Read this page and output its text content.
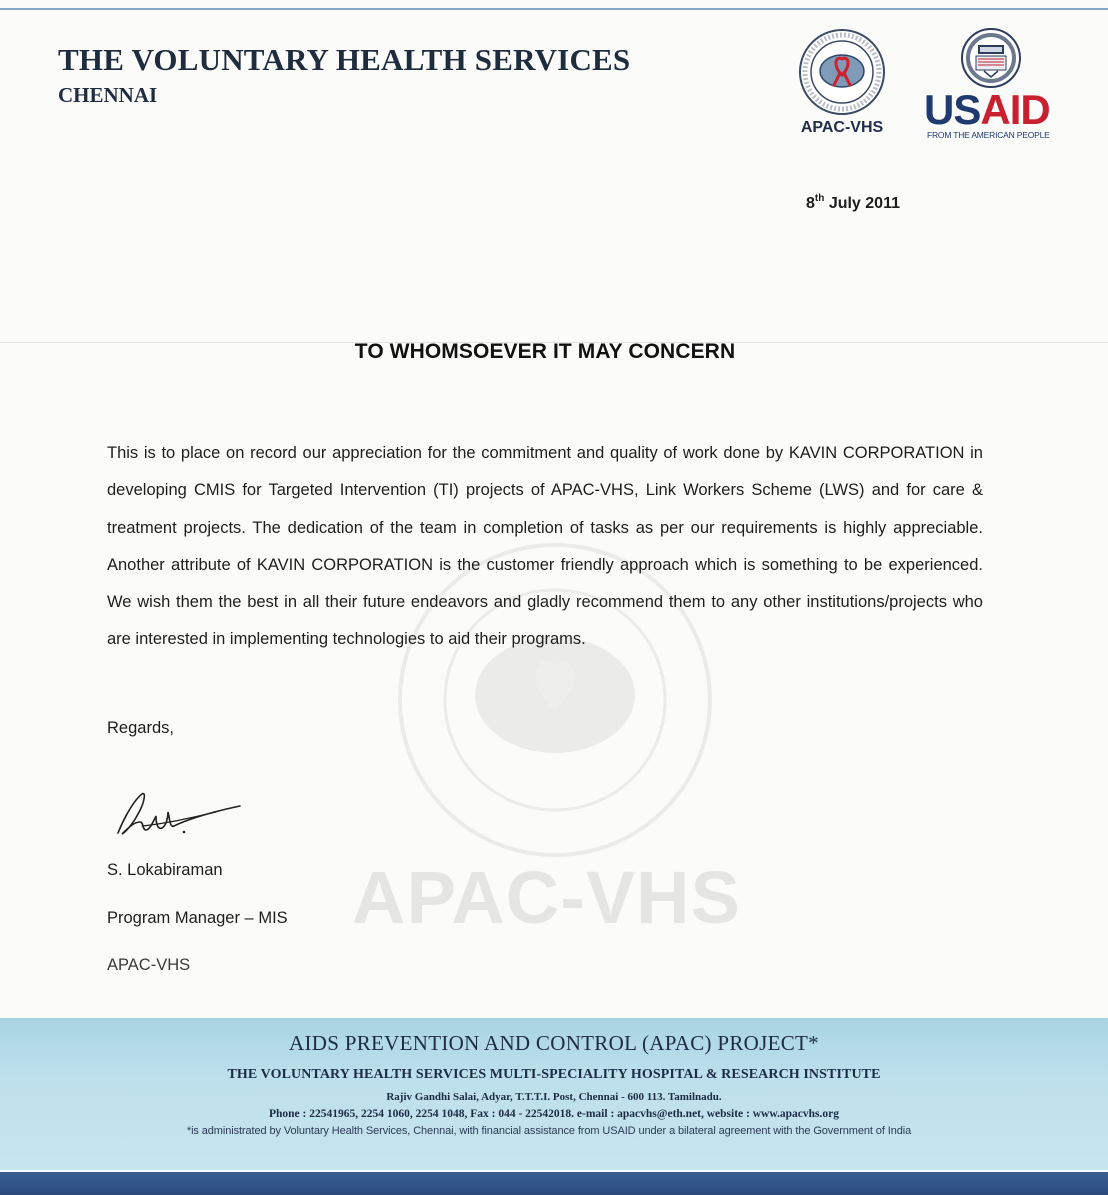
THE VOLUNTARY HEALTH SERVICES
CHENNAI
APAC-VHS USAID
FROM THE AMERICAN PEOPLE
8th July 2011
APAC-VHS
TO WHOMSOEVER IT MAY CONCERN

This is to place on record our appreciation for the commitment and quality of work done by KAVIN CORPORATION in developing CMIS for Targeted Intervention (TI) projects of APAC-VHS, Link Workers Scheme (LWS) and for care & treatment projects. The dedication of the team in completion of tasks as per our requirements is highly appreciable. Another attribute of KAVIN CORPORATION is the customer friendly approach which is something to be experienced. We wish them the best in all their future endeavors and gladly recommend them to any other institutions/projects who are interested in implementing technologies to aid their programs.

Regards,
S. Lokabiraman
Program Manager – MIS
APAC-VHS
AIDS PREVENTION AND CONTROL (APAC) PROJECT*
THE VOLUNTARY HEALTH SERVICES MULTI-SPECIALITY HOSPITAL & RESEARCH INSTITUTE
Rajiv Gandhi Salai, Adyar, T.T.T.I. Post, Chennai - 600 113. Tamilnadu.
Phone : 22541965, 2254 1060, 2254 1048, Fax : 044 - 22542018. e-mail : apacvhs@eth.net, website : www.apacvhs.org
*is administrated by Voluntary Health Services, Chennai, with financial assistance from USAID under a bilateral agreement with the Government of India
